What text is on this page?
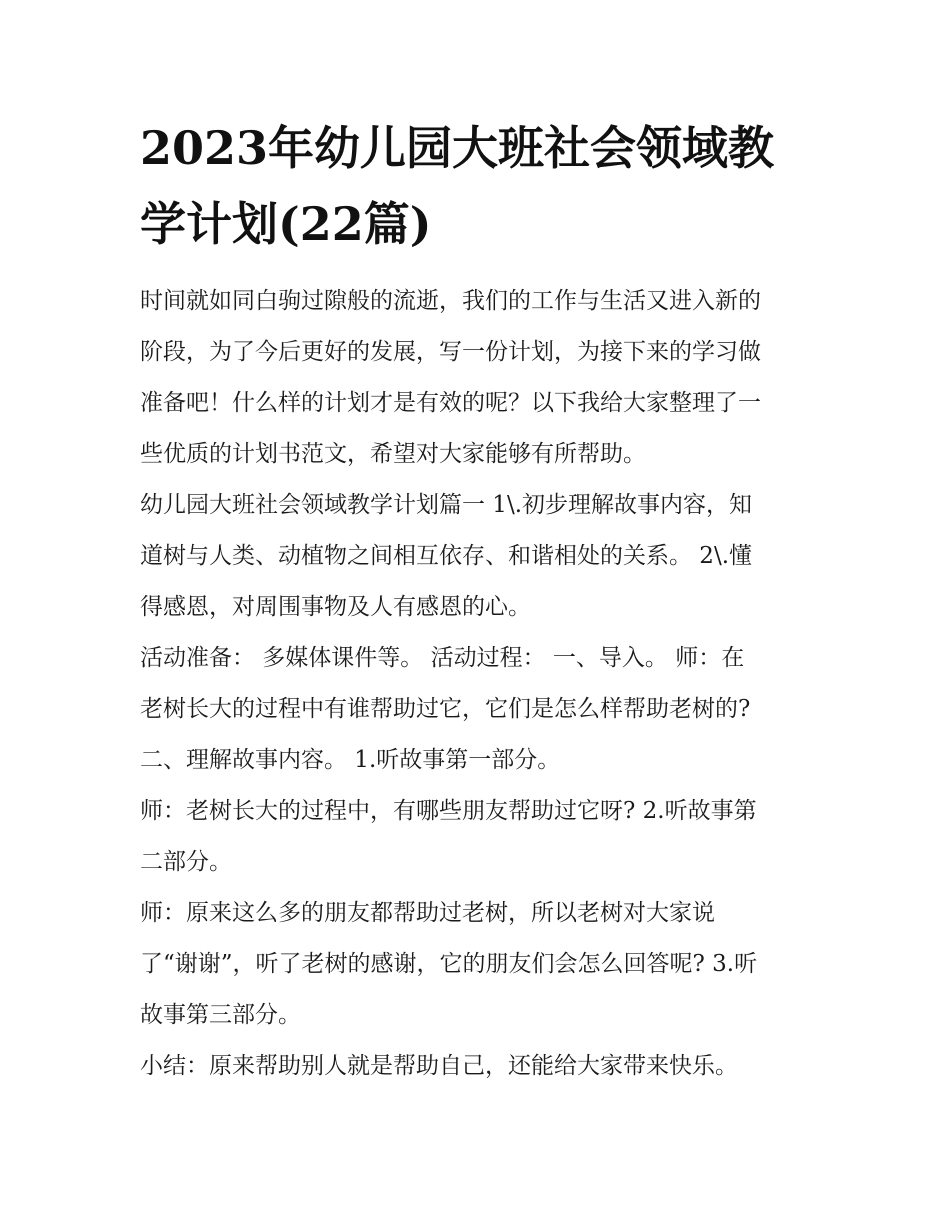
2023年幼儿园大班社会领域教 学计划(22篇)

时间就如同白驹过隙般的流逝，我们的工作与生活又进入新的
阶段，为了今后更好的发展，写一份计划，为接下来的学习做
准备吧！什么样的计划才是有效的呢？以下我给大家整理了一
些优质的计划书范文，希望对大家能够有所帮助。

幼儿园大班社会领域教学计划篇一 1\.初步理解故事内容，知
道树与人类、动植物之间相互依存、和谐相处的关系。 2\.懂
得感恩，对周围事物及人有感恩的心。

活动准备： 多媒体课件等。 活动过程： 一、导入。 师：在
老树长大的过程中有谁帮助过它，它们是怎么样帮助老树的?
二、理解故事内容。 1.听故事第一部分。

师：老树长大的过程中，有哪些朋友帮助过它呀? 2.听故事第
二部分。

师：原来这么多的朋友都帮助过老树，所以老树对大家说
了“谢谢”，听了老树的感谢，它的朋友们会怎么回答呢? 3.听
故事第三部分。

小结：原来帮助别人就是帮助自己，还能给大家带来快乐。
